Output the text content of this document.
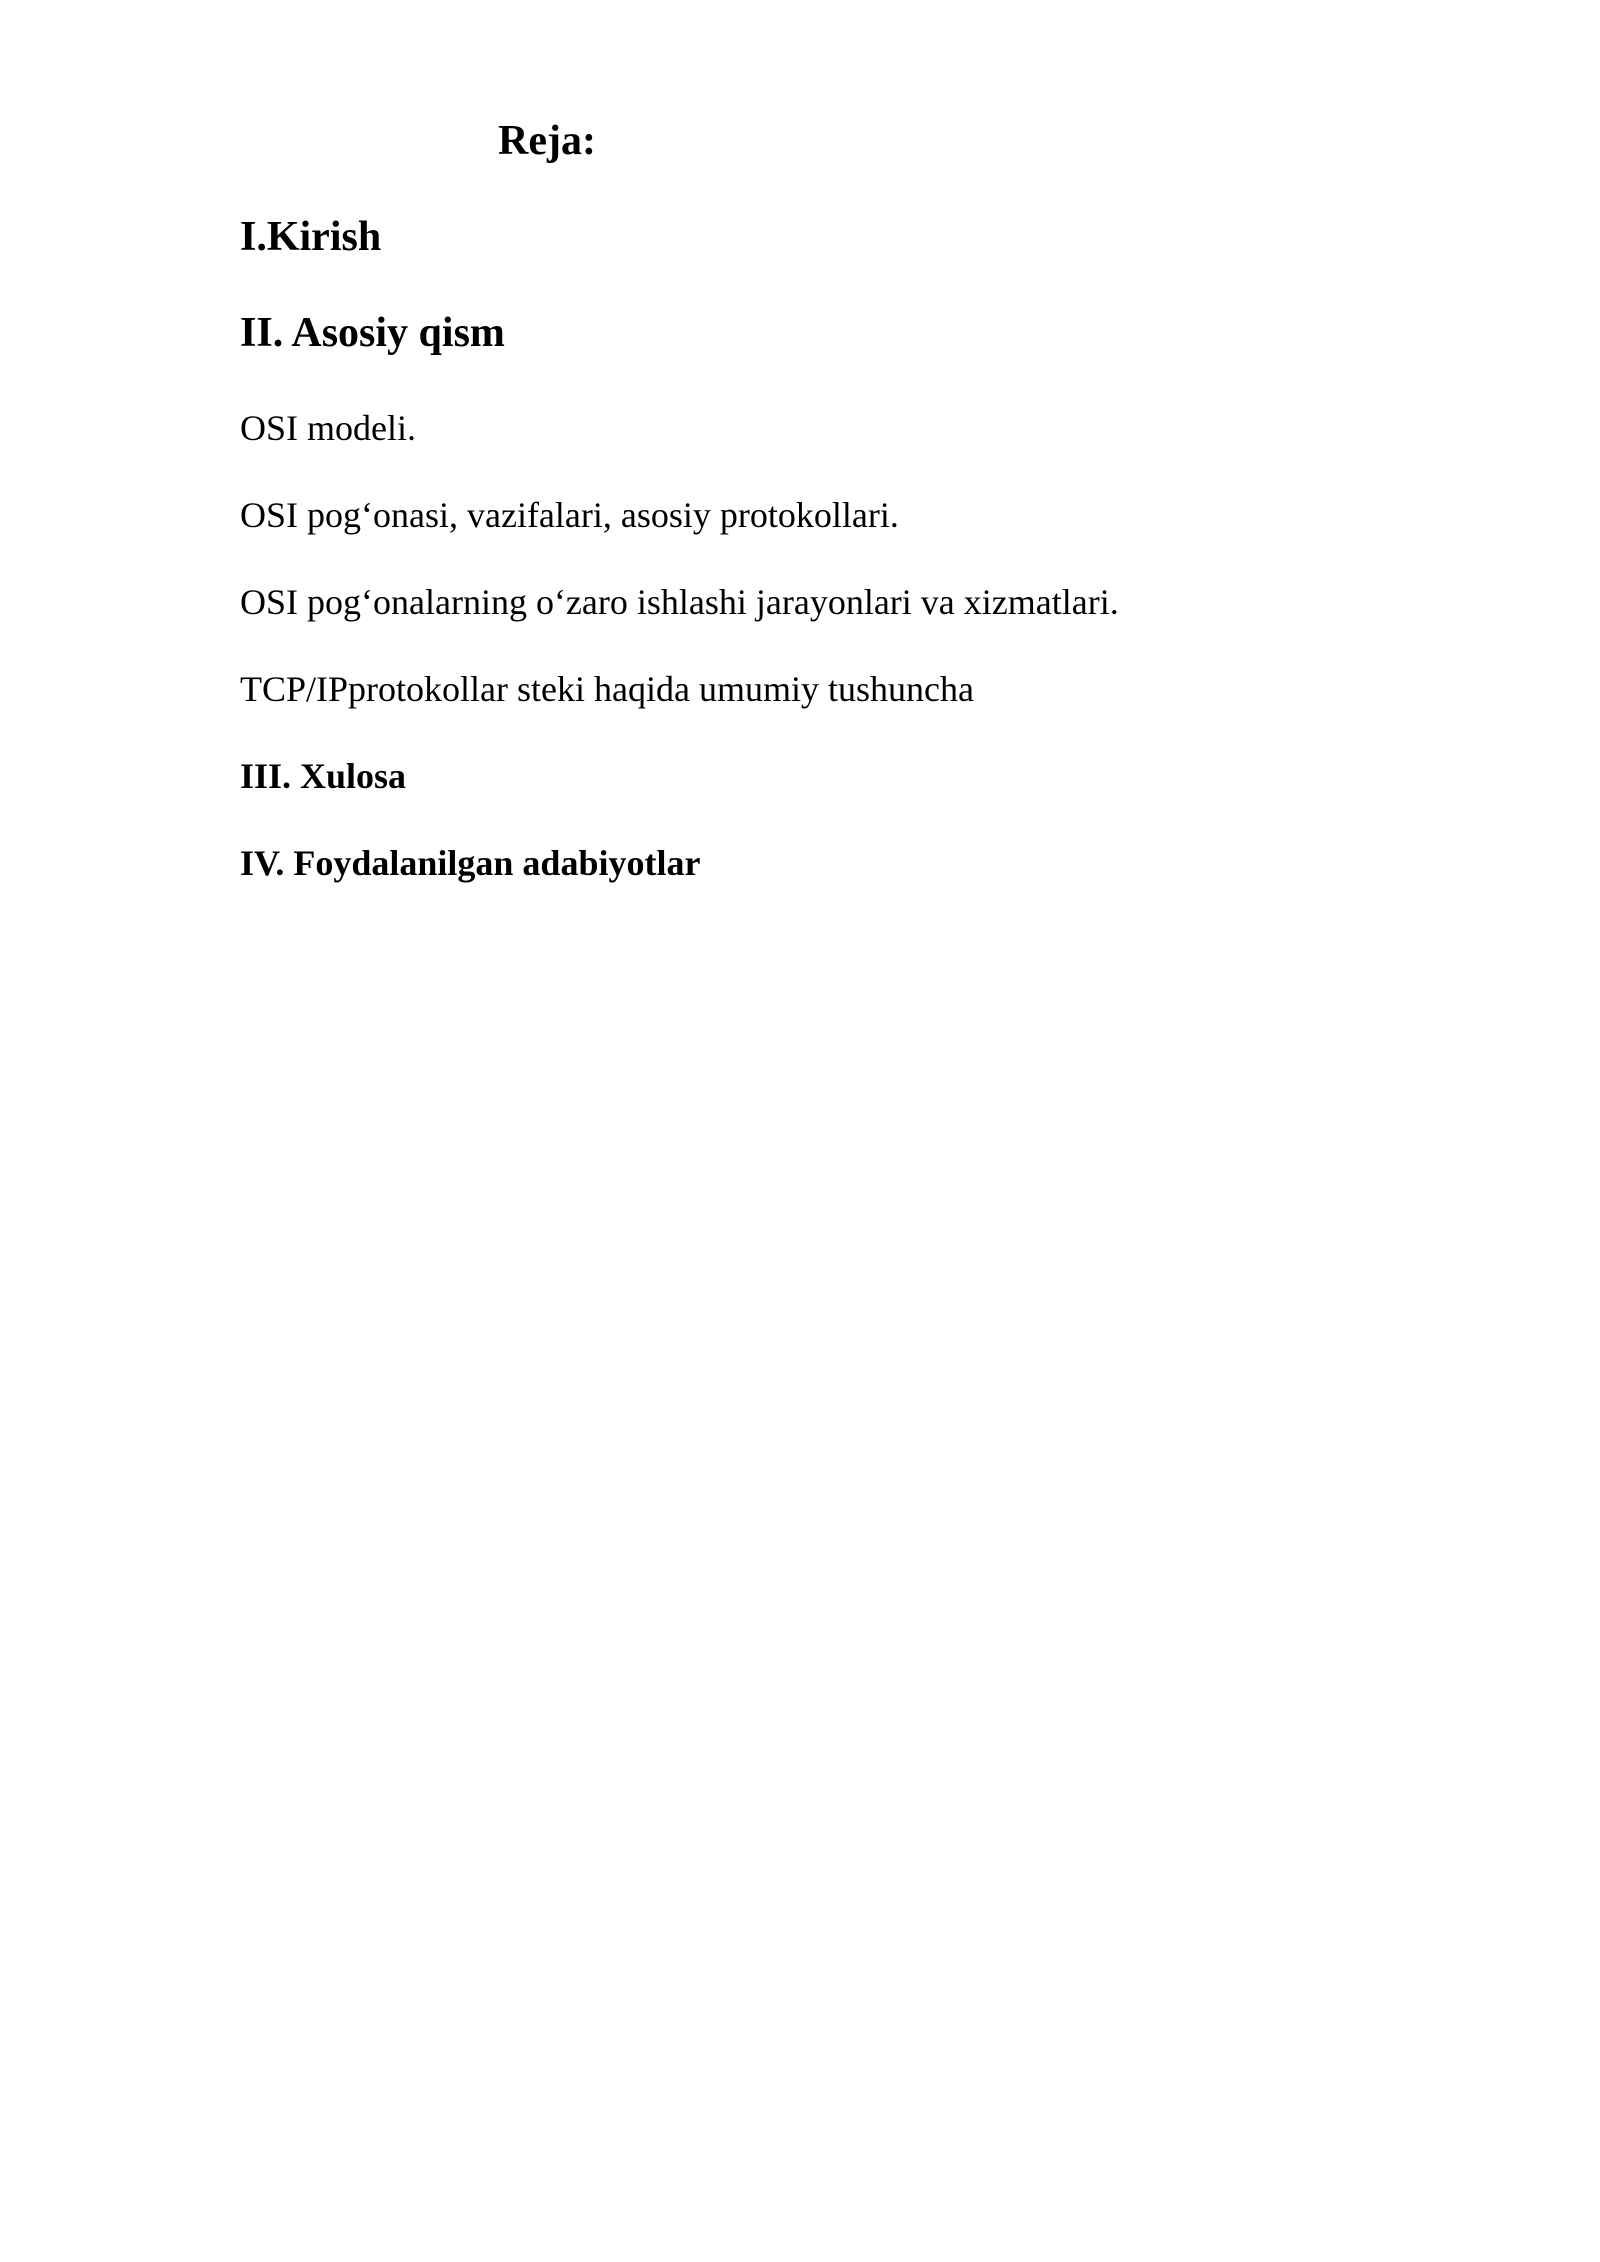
Reja:
I.Kirish
II. Asosiy qism

OSI modeli.

OSI pog‘onasi, vazifalari, asosiy protokollari.

OSI pog‘onalarning o‘zaro ishlashi jarayonlari va xizmatlari.

TCP/IPprotokollar steki haqida umumiy tushuncha

III. Xulosa
IV. Foydalanilgan adabiyotlar
